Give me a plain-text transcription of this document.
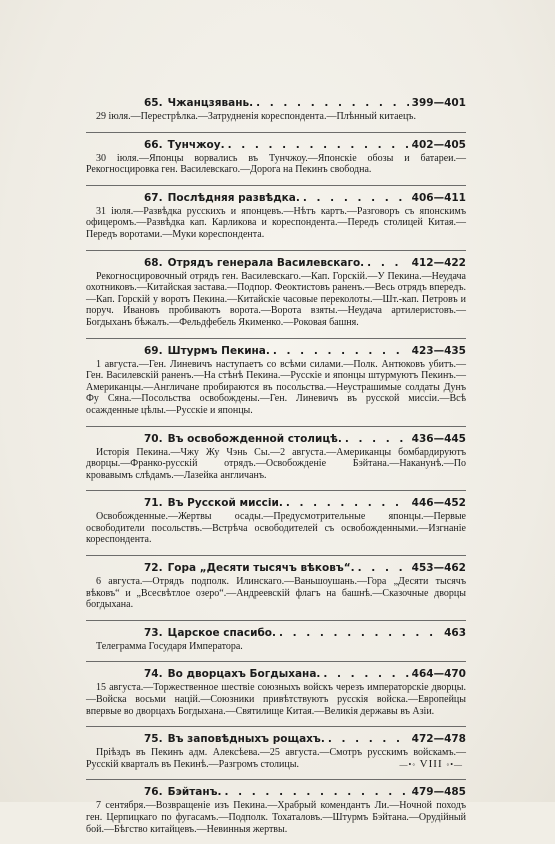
65. Чжанцзявань. . . .	399—401
29 іюля.—Перестрѣлка.—Затрудненія кореспондента.—Плѣнный китаецъ.
66. Тунчжоу. . . .	402—405
30 іюля.—Японцы ворвались въ Тунчжоу.—Японскіе обозы и батареи.—Рекогносцировка ген. Василевскаго.—Дорога на Пекинъ свободна.
67. Послѣдняя развѣдка. . . .	406—411
31 іюля.—Развѣдка русскихъ и японцевъ.—Нѣтъ картъ.—Разговоръ съ японскимъ офицеромъ.—Развѣдка кап. Карликова и кореспондента.—Передъ столицей Китая.—Передъ воротами.—Муки кореспондента.
68. Отрядъ генерала Василевскаго. . . .	412—422
Рекогносцировочный отрядъ ген. Василевскаго.—Кап. Горскій.—У Пекина.—Неудача охотниковъ.—Китайская застава.—Подпор. Феоктистовъ раненъ.—Весь отрядъ впередъ.—Кап. Горскій у воротъ Пекина.—Китайскіе часовые переколоты.—Шт.-кап. Петровъ и поруч. Ивановъ пробиваютъ ворота.—Ворота взяты.—Неудача артилеристовъ.—Богдыханъ бѣжалъ.—Фельдфебель Якименко.—Роковая башня.
69. Штурмъ Пекина. . . .	423—435
1 августа.—Ген. Линевичъ наступаетъ со всѣми силами.—Полк. Антюковъ убитъ.—Ген. Василевскій раненъ.—На стѣнѣ Пекина.—Русскіе и японцы штурмуютъ Пекинъ.—Американцы.—Англичане пробираются въ посольства.—Неустрашимые солдаты Дунъ Фу Сяна.—Посольства освобождены.—Ген. Линевичъ въ русской миссіи.—Всѣ осажденные цѣлы.—Русскіе и японцы.
70. Въ освобожденной столицѣ. . . .	436—445
Исторія Пекина.—Чжу Жу Чэнь Сы.—2 августа.—Американцы бомбардируютъ дворцы.—Франко-русскій отрядъ.—Освобожденіе Бэйтана.—Наканунѣ.—По кровавымъ слѣдамъ.—Лазейка англичанъ.
71. Въ Русской миссіи. . . .	446—452
Освобожденные.—Жертвы осады.—Предусмотрительные японцы.—Первые освободители посольствъ.—Встрѣча освободителей съ освобожденными.—Изгнаніе кореспондента.
72. Гора „Десяти тысячъ вѣковъ“. . . .	453—462
6 августа.—Отрядъ подполк. Илинскаго.—Ваньшоушань.—Гора „Десяти тысячъ вѣковъ“ и „Всесвѣтлое озеро“.—Андреевскій флагъ на башнѣ.—Сказочные дворцы богдыхана.
73. Царское спасибо. . . .	463
Телеграмма Государя Императора.
74. Во дворцахъ Богдыхана. . . .	464—470
15 августа.—Торжественное шествіе союзныхъ войскъ черезъ императорскіе дворцы.—Войска восьми націй.—Союзники привѣтствуютъ русскія войска.—Европейцы впервые во дворцахъ Богдыхана.—Святилище Китая.—Великія державы въ Азіи.
75. Въ заповѣдныхъ рощахъ. . . .	472—478
Пріѣздъ въ Пекинъ адм. Алексѣева.—25 августа.—Смотръ русскимъ войскамъ.—Русскій кварталъ въ Пекинѣ.—Разгромъ столицы.
76. Бэйтанъ. . . .	479—485
7 сентября.—Возвращеніе изъ Пекина.—Храбрый комендантъ Ли.—Ночной походъ ген. Церпицкаго по фугасамъ.—Подполк. Тохаталовъ.—Штурмъ Бэйтана.—Орудійный бой.—Бѣгство китайцевъ.—Невинныя жертвы.
—•◦ VIII ◦•—
